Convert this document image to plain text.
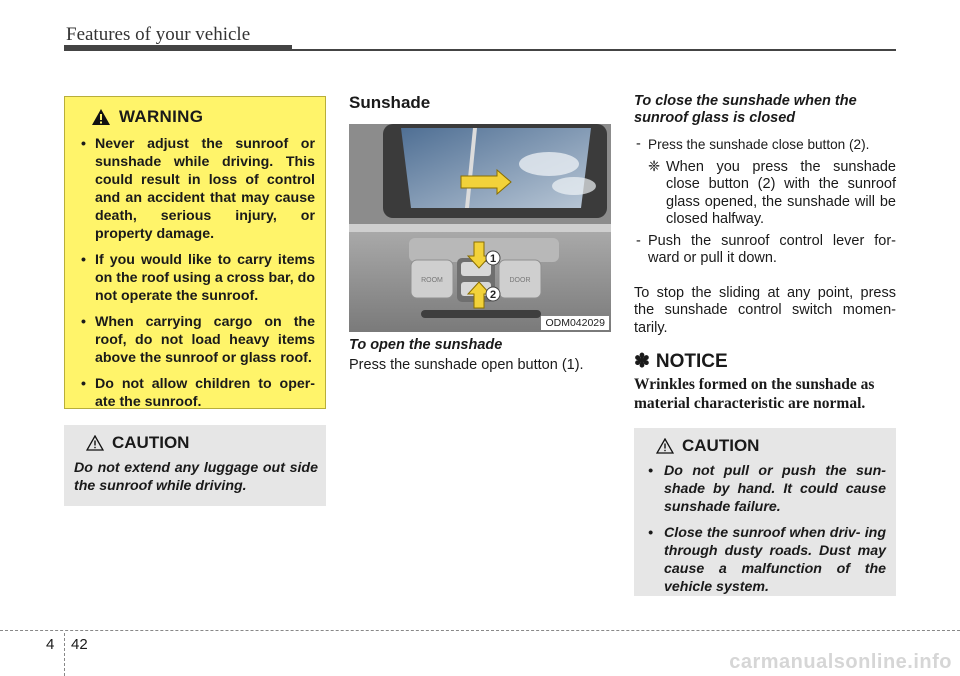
Features of your vehicle
WARNING
• Never adjust the sunroof or sunshade while driving. This could result in loss of control and an accident that may cause death, serious injury, or property damage.
• If you would like to carry items on the roof using a cross bar, do not operate the sunroof.
• When carrying cargo on the roof, do not load heavy items above the sunroof or glass roof.
• Do not allow children to oper- ate the sunroof.
CAUTION
Do not extend any luggage out side the sunroof while driving.
Sunshade
1
2
ROOM	DOOR
ODM042029
To open the sunshade
Press the sunshade open button (1).
To close the sunshade when the sunroof glass is closed
- Press the sunshade close button (2).
❈ When you press the sunshade close button (2) with the sunroof glass opened, the sunshade will be closed halfway.
- Push the sunroof control lever for- ward or pull it down.
To stop the sliding at any point, press the sunshade control switch momen- tarily.
✽ NOTICE
Wrinkles formed on the sunshade as material characteristic are normal.
CAUTION
• Do not pull or push the sun- shade by hand. It could cause sunshade failure.
• Close the sunroof when driv- ing through dusty roads. Dust may cause a malfunction of the vehicle system.
4 42
carmanualsonline.info
